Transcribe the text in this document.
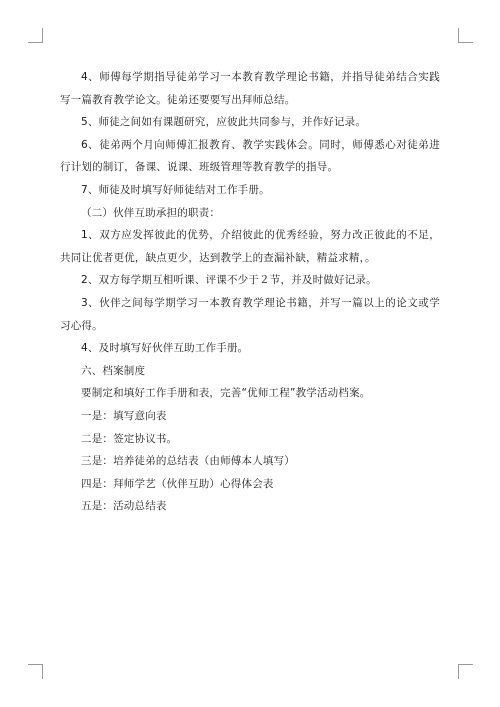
4、师傅每学期指导徒弟学习一本教育教学理论书籍，并指导徒弟结合实践写一篇教育教学论文。徒弟还要要写出拜师总结。

5、师徒之间如有课题研究，应彼此共同参与，并作好记录。

6、徒弟两个月向师傅汇报教育、教学实践体会。同时，师傅悉心对徒弟进行计划的制订，备课、说课、班级管理等教育教学的指导。

7、师徒及时填写好师徒结对工作手册。

（二）伙伴互助承担的职责：

1、双方应发挥彼此的优势，介绍彼此的优秀经验，努力改正彼此的不足，共同让优者更优，缺点更少，达到教学上的查漏补缺，精益求精，。

2、双方每学期互相听课、评课不少于２节，并及时做好记录。

3、伙伴之间每学期学习一本教育教学理论书籍，并写一篇以上的论文或学习心得。

4、及时填写好伙伴互助工作手册。

六、档案制度

要制定和填好工作手册和表，完善“优师工程”教学活动档案。

一是：填写意向表

二是：签定协议书。

三是：培养徒弟的总结表（由师傅本人填写）

四是：拜师学艺（伙伴互助）心得体会表

五是：活动总结表
